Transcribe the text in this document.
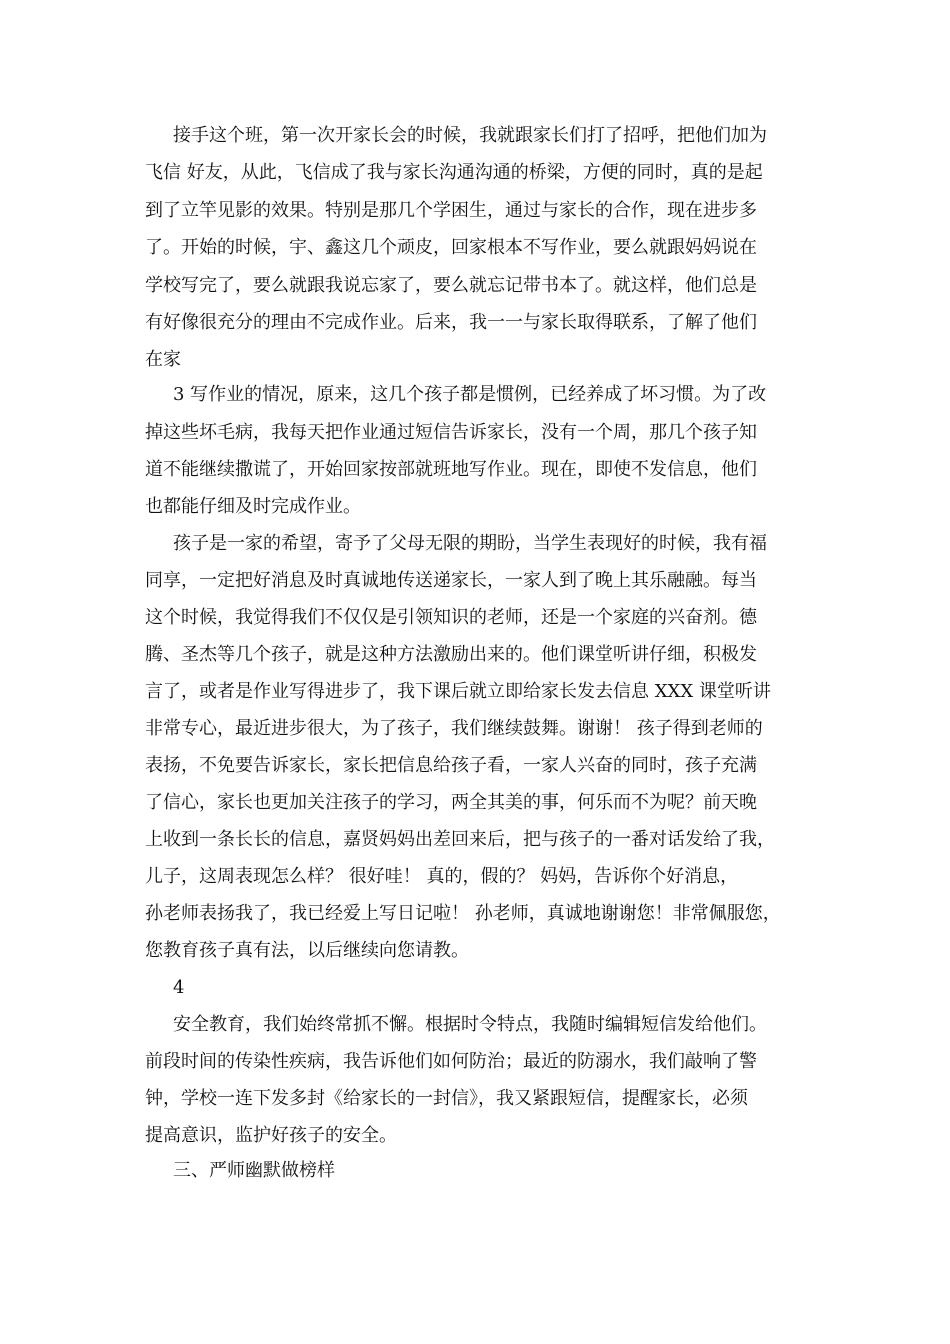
接手这个班，第一次开家长会的时候，我就跟家长们打了招呼，把他们加为
飞信 好友，从此，飞信成了我与家长沟通沟通的桥梁，方便的同时，真的是起
到了立竿见影的效果。特别是那几个学困生，通过与家长的合作，现在进步多
了。开始的时候，宇、鑫这几个顽皮，回家根本不写作业，要么就跟妈妈说在
学校写完了，要么就跟我说忘家了，要么就忘记带书本了。就这样，他们总是
有好像很充分的理由不完成作业。后来，我一一与家长取得联系，了解了他们
在家
3 写作业的情况，原来，这几个孩子都是惯例，已经养成了坏习惯。为了改
掉这些坏毛病，我每天把作业通过短信告诉家长，没有一个周，那几个孩子知
道不能继续撒谎了，开始回家按部就班地写作业。现在，即使不发信息，他们
也都能仔细及时完成作业。
孩子是一家的希望，寄予了父母无限的期盼，当学生表现好的时候，我有福
同享，一定把好消息及时真诚地传送递家长，一家人到了晚上其乐融融。每当
这个时候，我觉得我们不仅仅是引领知识的老师，还是一个家庭的兴奋剂。德
腾、圣杰等几个孩子，就是这种方法激励出来的。他们课堂听讲仔细，积极发
言了，或者是作业写得进步了，我下课后就立即给家长发去信息 XXX 课堂听讲
非常专心，最近进步很大，为了孩子，我们继续鼓舞。谢谢！ 孩子得到老师的
表扬，不免要告诉家长，家长把信息给孩子看，一家人兴奋的同时，孩子充满
了信心，家长也更加关注孩子的学习，两全其美的事，何乐而不为呢？前天晚
上收到一条长长的信息，嘉贤妈妈出差回来后，把与孩子的一番对话发给了我，
儿子，这周表现怎么样？ 很好哇！ 真的，假的？ 妈妈，告诉你个好消息，
孙老师表扬我了，我已经爱上写日记啦！ 孙老师，真诚地谢谢您！非常佩服您，
您教育孩子真有法，以后继续向您请教。
4
安全教育，我们始终常抓不懈。根据时令特点，我随时编辑短信发给他们。
前段时间的传染性疾病，我告诉他们如何防治；最近的防溺水，我们敲响了警
钟，学校一连下发多封《给家长的一封信》，我又紧跟短信，提醒家长，必须
提高意识，监护好孩子的安全。
三、严师幽默做榜样
